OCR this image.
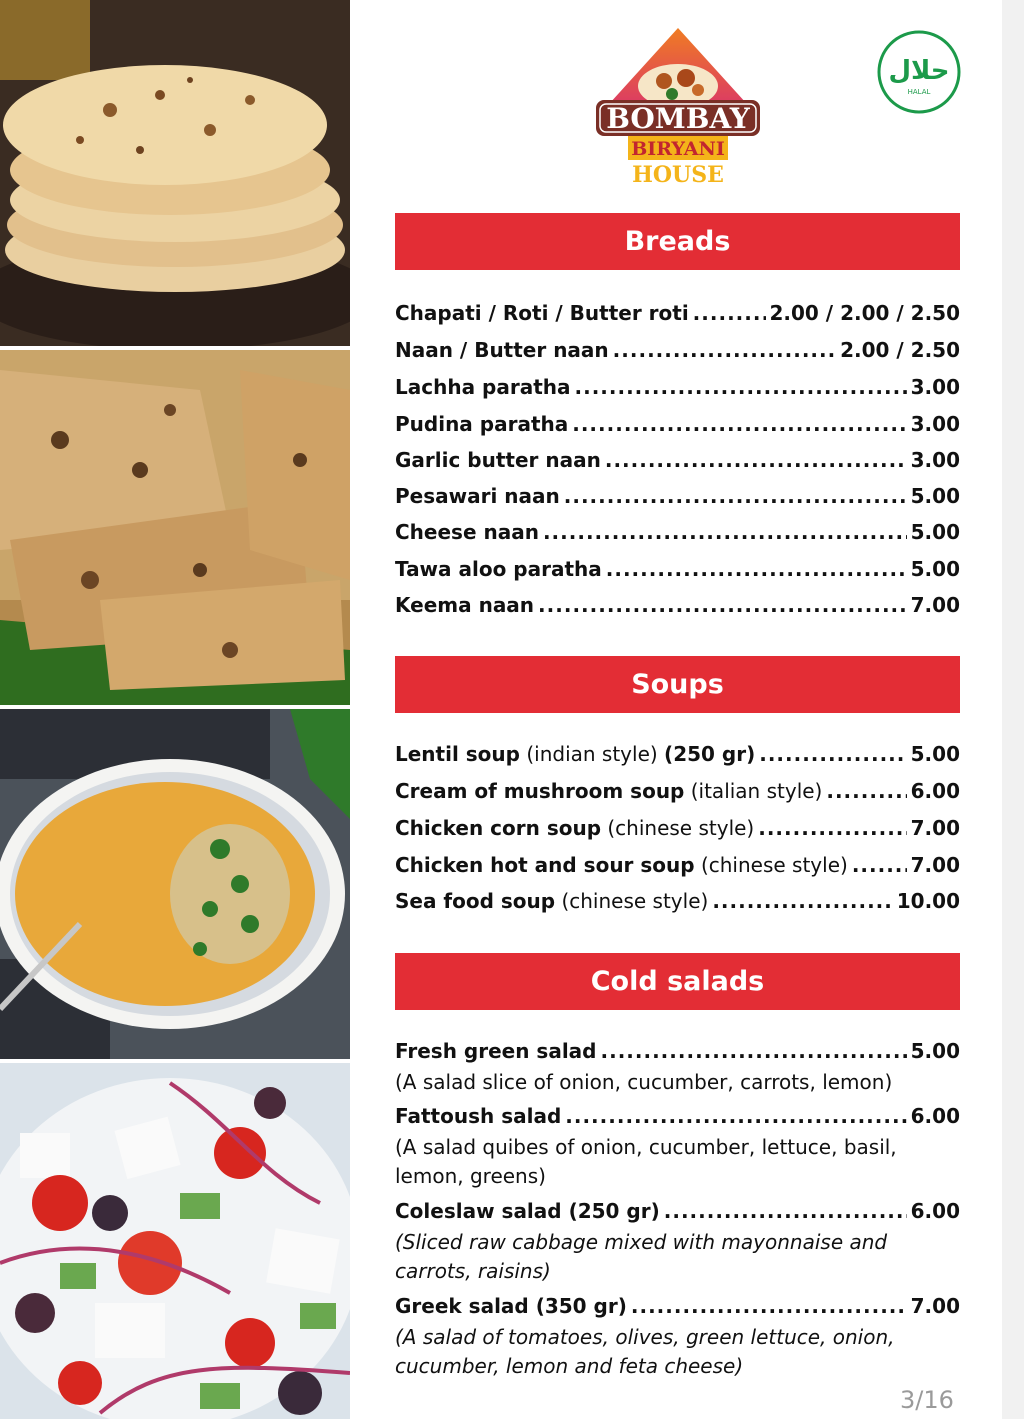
BOMBAY
BIRYANI
HOUSE
حلال
HALAL
Breads
Chapati / Roti / Butter roti .....	2.00 / 2.00 / 2.50
Naan / Butter naan .....	2.00 / 2.50
Lachha paratha .....	3.00
Pudina paratha .....	3.00
Garlic butter naan .....	3.00
Pesawari naan .....	5.00
Cheese naan .....	5.00
Tawa aloo paratha .....	5.00
Keema naan .....	7.00
Soups
Lentil soup
(indian style)
(250 gr) .....	5.00
Cream of mushroom soup
(italian style) .....	6.00
Chicken corn soup
(chinese style) .....	7.00
Chicken hot and sour soup
(chinese style) .....	7.00
Sea food soup
(chinese style) .....	10.00
Cold salads
Fresh green salad .....	5.00
(A salad slice of onion, cucumber, carrots, lemon)
Fattoush salad .....	6.00
(A salad quibes of onion, cucumber, lettuce, basil, lemon, greens)
Coleslaw salad (250 gr) .....	6.00
(Sliced raw cabbage mixed with mayonnaise and carrots, raisins)
Greek salad (350 gr) .....	7.00
(A salad of tomatoes, olives, green lettuce, onion, cucumber, lemon and feta cheese)
3/16
